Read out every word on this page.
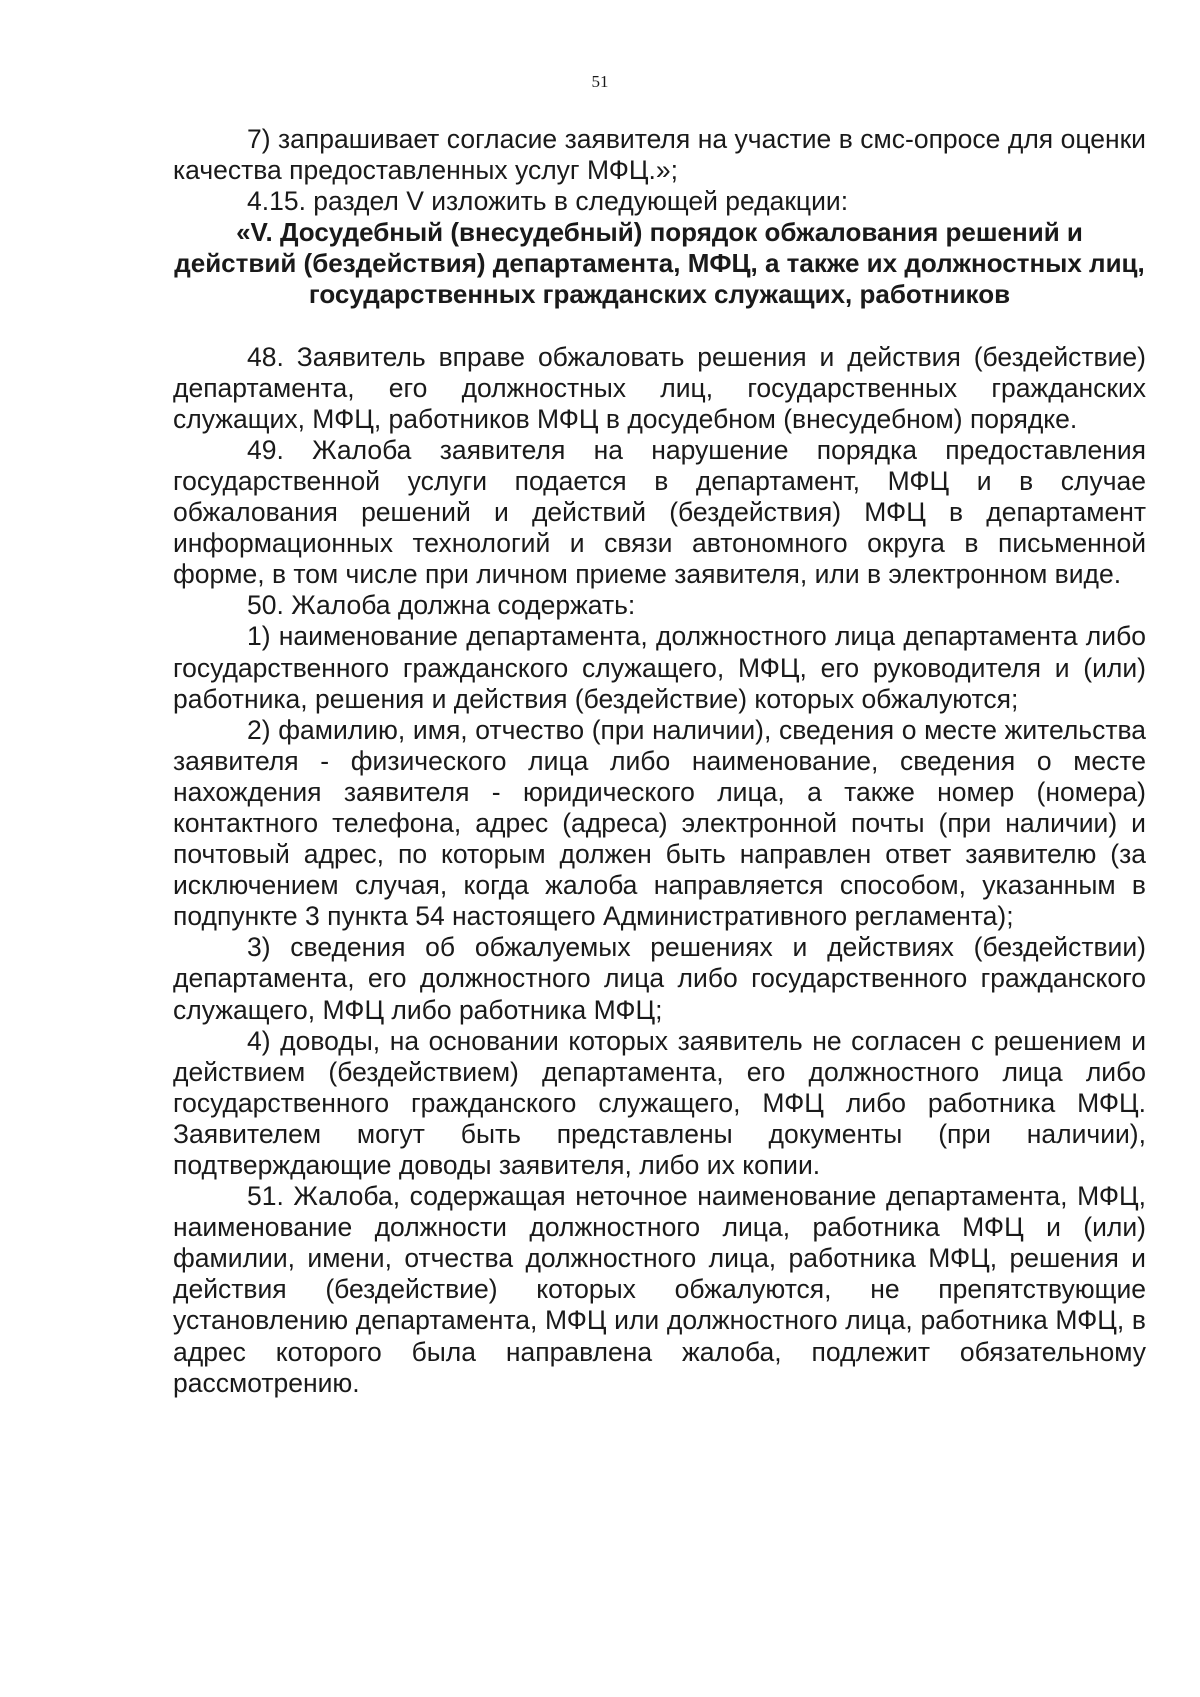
51

7) запрашивает согласие заявителя на участие в смс-опросе для оценки качества предоставленных услуг МФЦ.»;

4.15. раздел V изложить в следующей редакции:

«V. Досудебный (внесудебный) порядок обжалования решений и действий (бездействия) департамента, МФЦ, а также их должностных лиц, государственных гражданских служащих, работников

48. Заявитель вправе обжаловать решения и действия (бездействие) департамента, его должностных лиц, государственных гражданских служащих, МФЦ, работников МФЦ в досудебном (внесудебном) порядке.

49. Жалоба заявителя на нарушение порядка предоставления государственной услуги подается в департамент, МФЦ и в случае обжалования решений и действий (бездействия) МФЦ в департамент информационных технологий и связи автономного округа в письменной форме, в том числе при личном приеме заявителя, или в электронном виде.

50. Жалоба должна содержать:

1) наименование департамента, должностного лица департамента либо государственного гражданского служащего, МФЦ, его руководителя и (или) работника, решения и действия (бездействие) которых обжалуются;

2) фамилию, имя, отчество (при наличии), сведения о месте жительства заявителя - физического лица либо наименование, сведения о месте нахождения заявителя - юридического лица, а также номер (номера) контактного телефона, адрес (адреса) электронной почты (при наличии) и почтовый адрес, по которым должен быть направлен ответ заявителю (за исключением случая, когда жалоба направляется способом, указанным в подпункте 3 пункта 54 настоящего Административного регламента);

3) сведения об обжалуемых решениях и действиях (бездействии) департамента, его должностного лица либо государственного гражданского служащего, МФЦ либо работника МФЦ;

4) доводы, на основании которых заявитель не согласен с решением и действием (бездействием) департамента, его должностного лица либо государственного гражданского служащего, МФЦ либо работника МФЦ. Заявителем могут быть представлены документы (при наличии), подтверждающие доводы заявителя, либо их копии.

51. Жалоба, содержащая неточное наименование департамента, МФЦ, наименование должности должностного лица, работника МФЦ и (или) фамилии, имени, отчества должностного лица, работника МФЦ, решения и действия (бездействие) которых обжалуются, не препятствующие установлению департамента, МФЦ или должностного лица, работника МФЦ, в адрес которого была направлена жалоба, подлежит обязательному рассмотрению.
